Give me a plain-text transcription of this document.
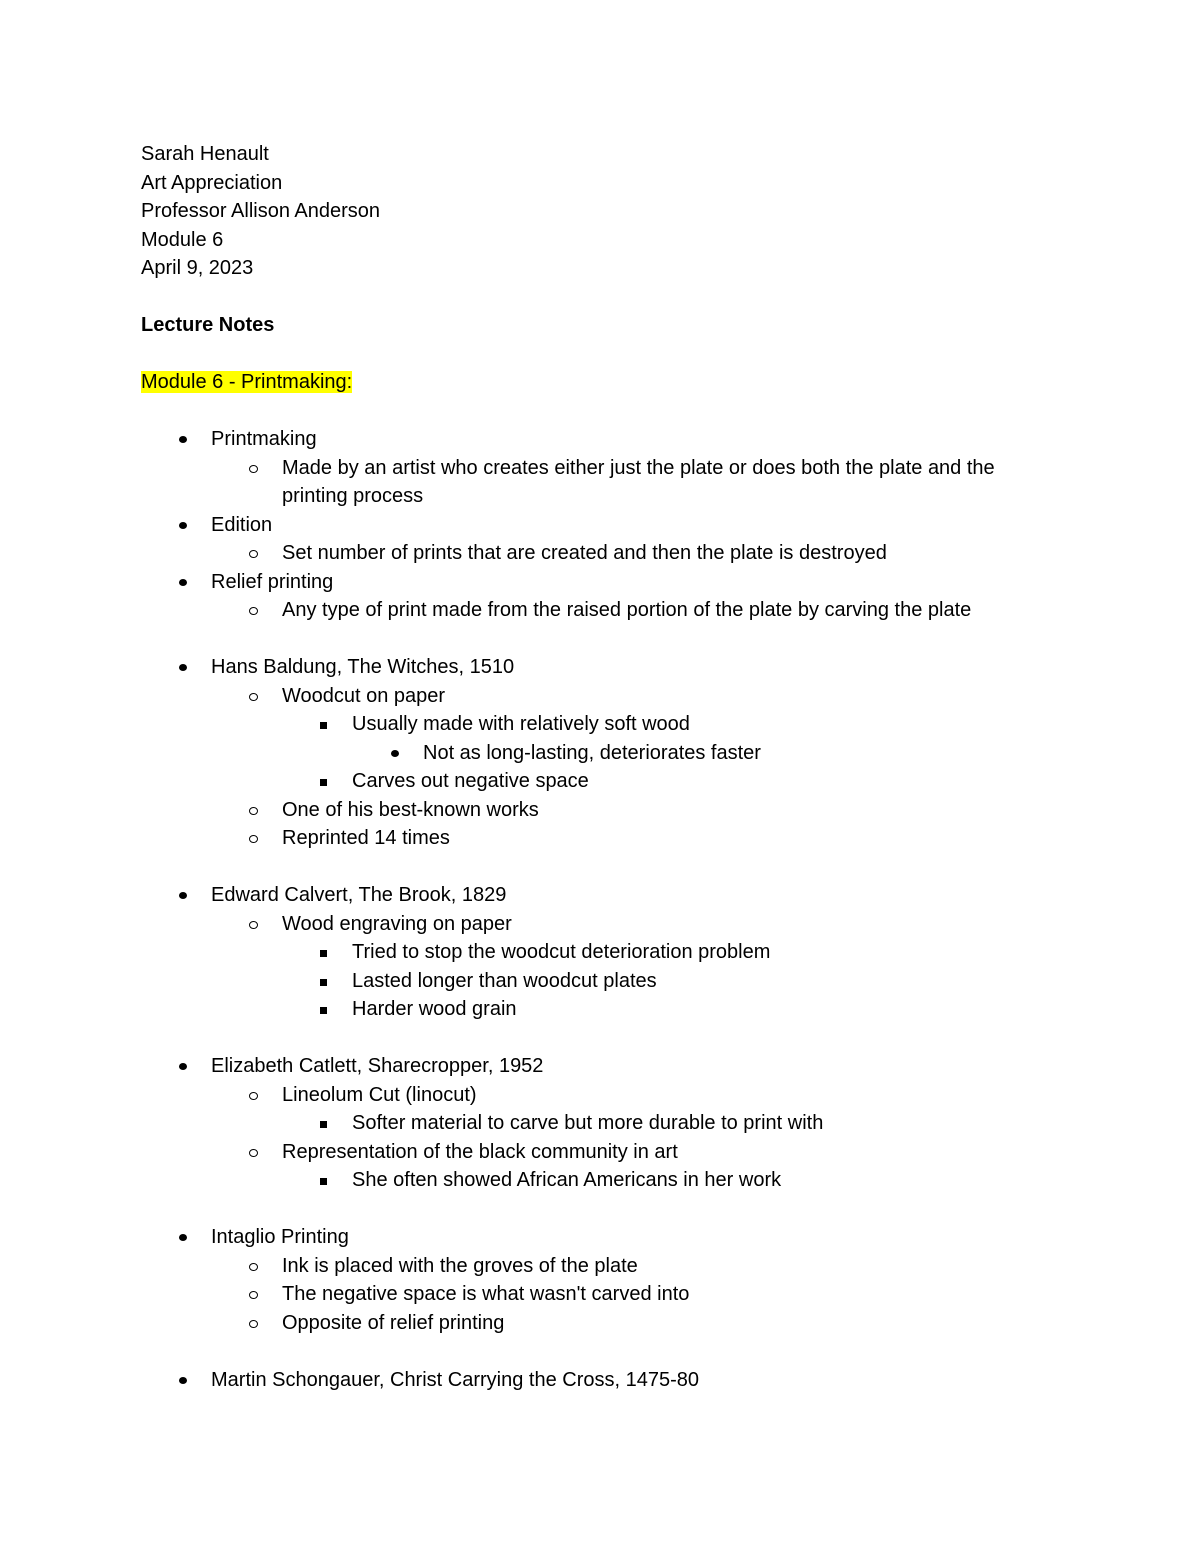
Sarah Henault
Art Appreciation
Professor Allison Anderson
Module 6
April 9, 2023
Lecture Notes
Module 6 - Printmaking:
Printmaking
Made by an artist who creates either just the plate or does both the plate and the printing process
Edition
Set number of prints that are created and then the plate is destroyed
Relief printing
Any type of print made from the raised portion of the plate by carving the plate
Hans Baldung, The Witches, 1510
Woodcut on paper
Usually made with relatively soft wood
Not as long-lasting, deteriorates faster
Carves out negative space
One of his best-known works
Reprinted 14 times
Edward Calvert, The Brook, 1829
Wood engraving on paper
Tried to stop the woodcut deterioration problem
Lasted longer than woodcut plates
Harder wood grain
Elizabeth Catlett, Sharecropper, 1952
Lineolum Cut (linocut)
Softer material to carve but more durable to print with
Representation of the black community in art
She often showed African Americans in her work
Intaglio Printing
Ink is placed with the groves of the plate
The negative space is what wasn't carved into
Opposite of relief printing
Martin Schongauer, Christ Carrying the Cross, 1475-80
